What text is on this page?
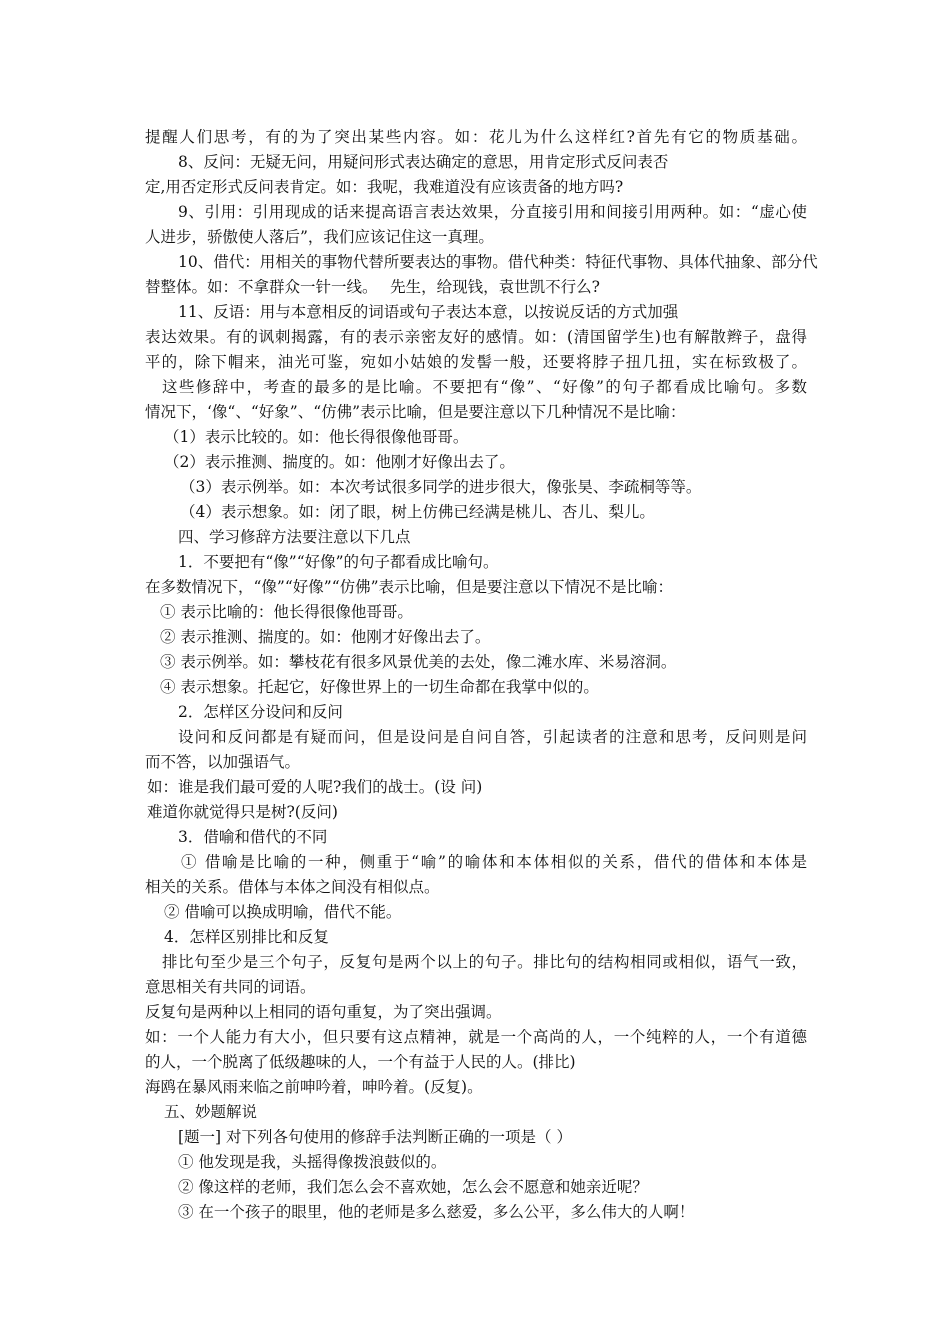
提醒人们思考，有的为了突出某些内容。如：花儿为什么这样红?首先有它的物质基础。
8、反问：无疑无问，用疑问形式表达确定的意思，用肯定形式反问表否
定,用否定形式反问表肯定。如：我呢，我难道没有应该责备的地方吗?
9、引用：引用现成的话来提高语言表达效果，分直接引用和间接引用两种。如：“虚心使
人进步，骄傲使人落后”，我们应该记住这一真理。
10、借代：用相关的事物代替所要表达的事物。借代种类：特征代事物、具体代抽象、部分代
替整体。如：不拿群众一针一线。　 先生，给现钱，袁世凯不行么?
11、反语：用与本意相反的词语或句子表达本意，以按说反话的方式加强
表达效果。有的讽刺揭露，有的表示亲密友好的感情。如：(清国留学生)也有解散辫子，盘得
平的，除下帽来，油光可鉴，宛如小姑娘的发髻一般，还要将脖子扭几扭，实在标致极了。
这些修辞中，考查的最多的是比喻。不要把有“像”、“好像”的句子都看成比喻句。多数
情况下，‘像“、“好象”、“仿佛”表示比喻，但是要注意以下几种情况不是比喻：
（1）表示比较的。如：他长得很像他哥哥。
（2）表示推测、揣度的。如：他刚才好像出去了。
（3）表示例举。如：本次考试很多同学的进步很大，像张昊、李疏桐等等。
（4）表示想象。如：闭了眼，树上仿佛已经满是桃儿、杏儿、梨儿。
四、学习修辞方法要注意以下几点
1．不要把有“像”“好像”的句子都看成比喻句。
在多数情况下，“像”“好像”“仿佛”表示比喻，但是要注意以下情况不是比喻：
① 表示比喻的：他长得很像他哥哥。
② 表示推测、揣度的。如：他刚才好像出去了。
③ 表示例举。如：攀枝花有很多风景优美的去处，像二滩水库、米易溶洞。
④ 表示想象。托起它，好像世界上的一切生命都在我掌中似的。
2．怎样区分设问和反问
设问和反问都是有疑而问，但是设问是自问自答，引起读者的注意和思考，反问则是问
而不答，以加强语气。
如：谁是我们最可爱的人呢?我们的战士。(设 问)
难道你就觉得只是树?(反问)
3．借喻和借代的不同
① 借喻是比喻的一种，侧重于“喻”的喻体和本体相似的关系，借代的借体和本体是
相关的关系。借体与本体之间没有相似点。
② 借喻可以换成明喻，借代不能。
4．怎样区别排比和反复
排比句至少是三个句子，反复句是两个以上的句子。排比句的结构相同或相似，语气一致，
意思相关有共同的词语。
反复句是两种以上相同的语句重复，为了突出强调。
如：一个人能力有大小，但只要有这点精神，就是一个高尚的人，一个纯粹的人，一个有道德
的人，一个脱离了低级趣味的人，一个有益于人民的人。(排比)
海鸥在暴风雨来临之前呻吟着，呻吟着。(反复)。
五、妙题解说
[题一] 对下列各句使用的修辞手法判断正确的一项是（ ）
① 他发现是我，头摇得像拨浪鼓似的。
② 像这样的老师，我们怎么会不喜欢她，怎么会不愿意和她亲近呢？
③ 在一个孩子的眼里，他的老师是多么慈爱，多么公平，多么伟大的人啊！
